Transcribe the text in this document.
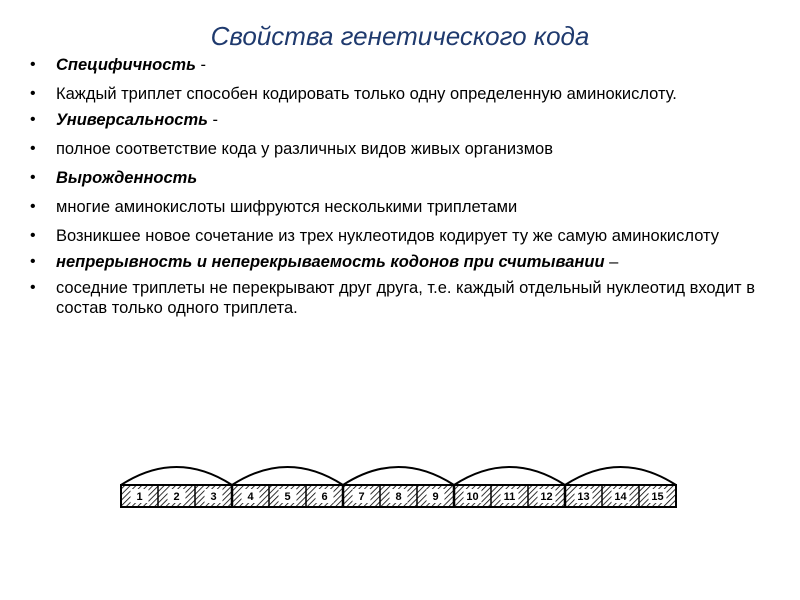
Свойства генетического кода
• Специфичность -
• Каждый триплет способен кодировать только одну определенную аминокислоту.
• Универсальность -
• полное соответствие кода у различных видов живых организмов
• Вырожденность
• многие аминокислоты шифруются несколькими триплетами
• Возникшее новое сочетание из трех нуклеотидов кодирует ту же самую аминокислоту
• непрерывность и неперекрываемость кодонов при считывании –
• соседние триплеты не перекрывают друг друга, т.е. каждый отдельный нуклеотид входит в состав только одного триплета.
1	2	3	4	5	6	7	8	9	10 11 12 13 14 15
